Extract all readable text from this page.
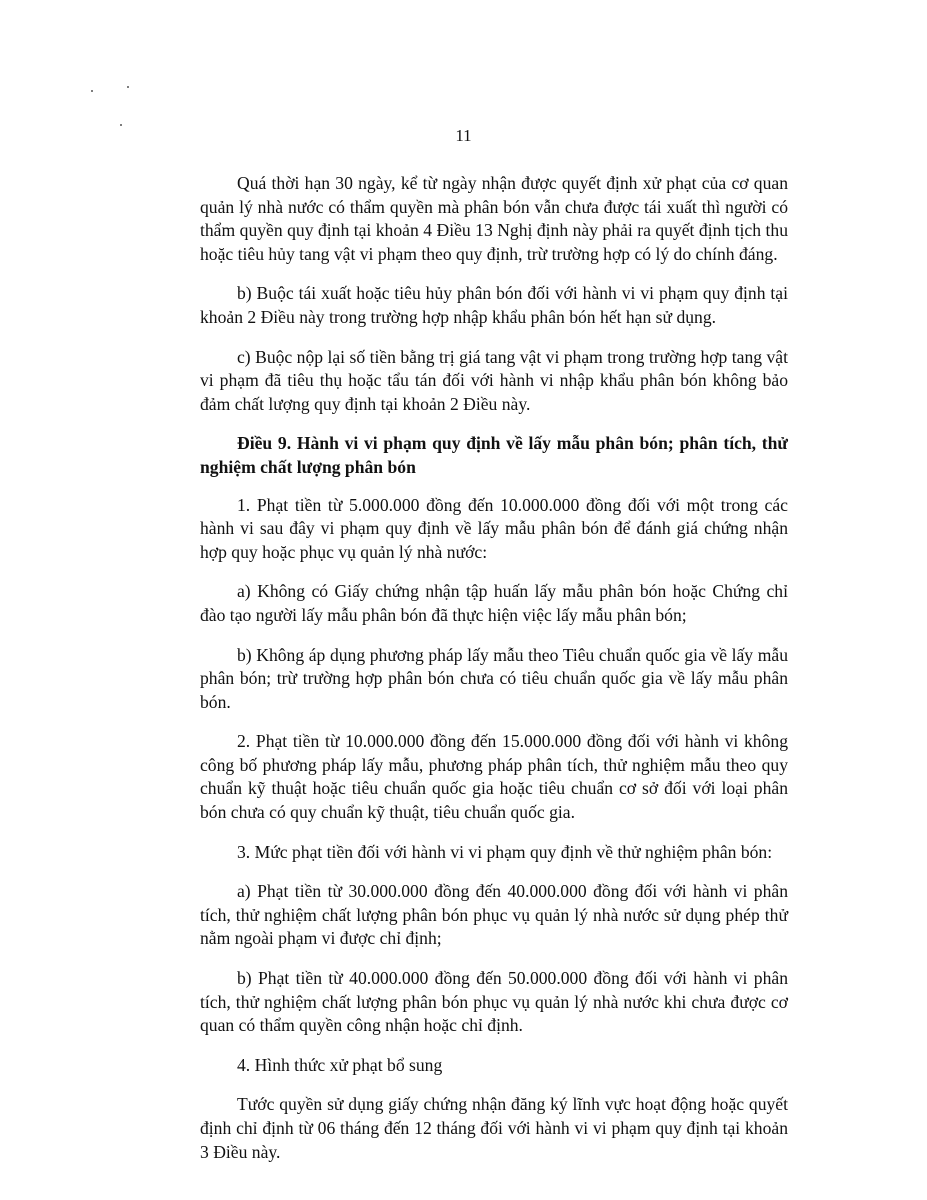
11

Quá thời hạn 30 ngày, kể từ ngày nhận được quyết định xử phạt của cơ quan quản lý nhà nước có thẩm quyền mà phân bón vẫn chưa được tái xuất thì người có thẩm quyền quy định tại khoản 4 Điều 13 Nghị định này phải ra quyết định tịch thu hoặc tiêu hủy tang vật vi phạm theo quy định, trừ trường hợp có lý do chính đáng.

b) Buộc tái xuất hoặc tiêu hủy phân bón đối với hành vi vi phạm quy định tại khoản 2 Điều này trong trường hợp nhập khẩu phân bón hết hạn sử dụng.

c) Buộc nộp lại số tiền bằng trị giá tang vật vi phạm trong trường hợp tang vật vi phạm đã tiêu thụ hoặc tẩu tán đối với hành vi nhập khẩu phân bón không bảo đảm chất lượng quy định tại khoản 2 Điều này.

Điều 9. Hành vi vi phạm quy định về lấy mẫu phân bón; phân tích, thử nghiệm chất lượng phân bón

1. Phạt tiền từ 5.000.000 đồng đến 10.000.000 đồng đối với một trong các hành vi sau đây vi phạm quy định về lấy mẫu phân bón để đánh giá chứng nhận hợp quy hoặc phục vụ quản lý nhà nước:

a) Không có Giấy chứng nhận tập huấn lấy mẫu phân bón hoặc Chứng chỉ đào tạo người lấy mẫu phân bón đã thực hiện việc lấy mẫu phân bón;

b) Không áp dụng phương pháp lấy mẫu theo Tiêu chuẩn quốc gia về lấy mẫu phân bón; trừ trường hợp phân bón chưa có tiêu chuẩn quốc gia về lấy mẫu phân bón.

2. Phạt tiền từ 10.000.000 đồng đến 15.000.000 đồng đối với hành vi không công bố phương pháp lấy mẫu, phương pháp phân tích, thử nghiệm mẫu theo quy chuẩn kỹ thuật hoặc tiêu chuẩn quốc gia hoặc tiêu chuẩn cơ sở đối với loại phân bón chưa có quy chuẩn kỹ thuật, tiêu chuẩn quốc gia.

3. Mức phạt tiền đối với hành vi vi phạm quy định về thử nghiệm phân bón:

a) Phạt tiền từ 30.000.000 đồng đến 40.000.000 đồng đối với hành vi phân tích, thử nghiệm chất lượng phân bón phục vụ quản lý nhà nước sử dụng phép thử nằm ngoài phạm vi được chỉ định;

b) Phạt tiền từ 40.000.000 đồng đến 50.000.000 đồng đối với hành vi phân tích, thử nghiệm chất lượng phân bón phục vụ quản lý nhà nước khi chưa được cơ quan có thẩm quyền công nhận hoặc chỉ định.

4. Hình thức xử phạt bổ sung

Tước quyền sử dụng giấy chứng nhận đăng ký lĩnh vực hoạt động hoặc quyết định chỉ định từ 06 tháng đến 12 tháng đối với hành vi vi phạm quy định tại khoản 3 Điều này.
